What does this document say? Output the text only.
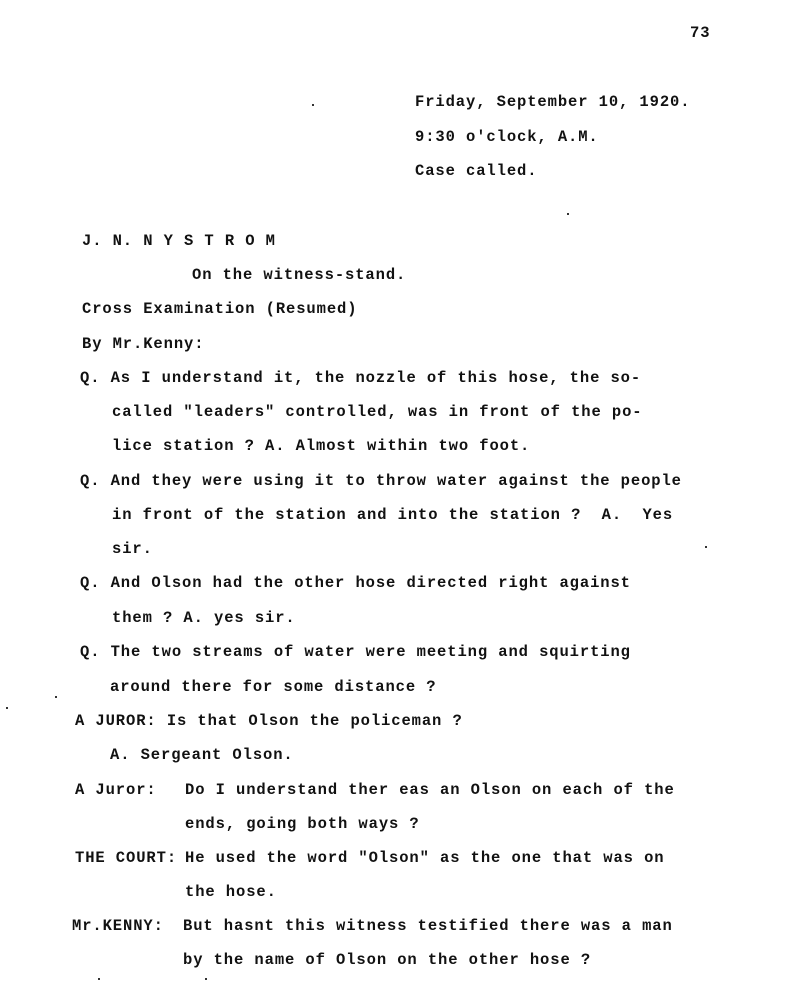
73
Friday, September 10, 1920.
9:30 o'clock, A.M.
Case called.
J. N. N Y S T R O M
On the witness-stand.
Cross Examination (Resumed)
By Mr.Kenny:
Q. As I understand it, the nozzle of this hose, the so-
called "leaders" controlled, was in front of the po-
lice station ? A. Almost within two foot.
Q. And they were using it to throw water against the people
in front of the station and into the station ?  A.  Yes
sir.
Q. And Olson had the other hose directed right against
them ? A. yes sir.
Q. The two streams of water were meeting and squirting
around there for some distance ?
A JUROR: Is that Olson the policeman ?
A. Sergeant Olson.
A Juror: Do I understand ther eas an Olson on each of the
ends, going both ways ?
THE COURT: He used the word "Olson" as the one that was on
the hose.
Mr.KENNY: But hasnt this witness testified there was a man
by the name of Olson on the other hose ?
